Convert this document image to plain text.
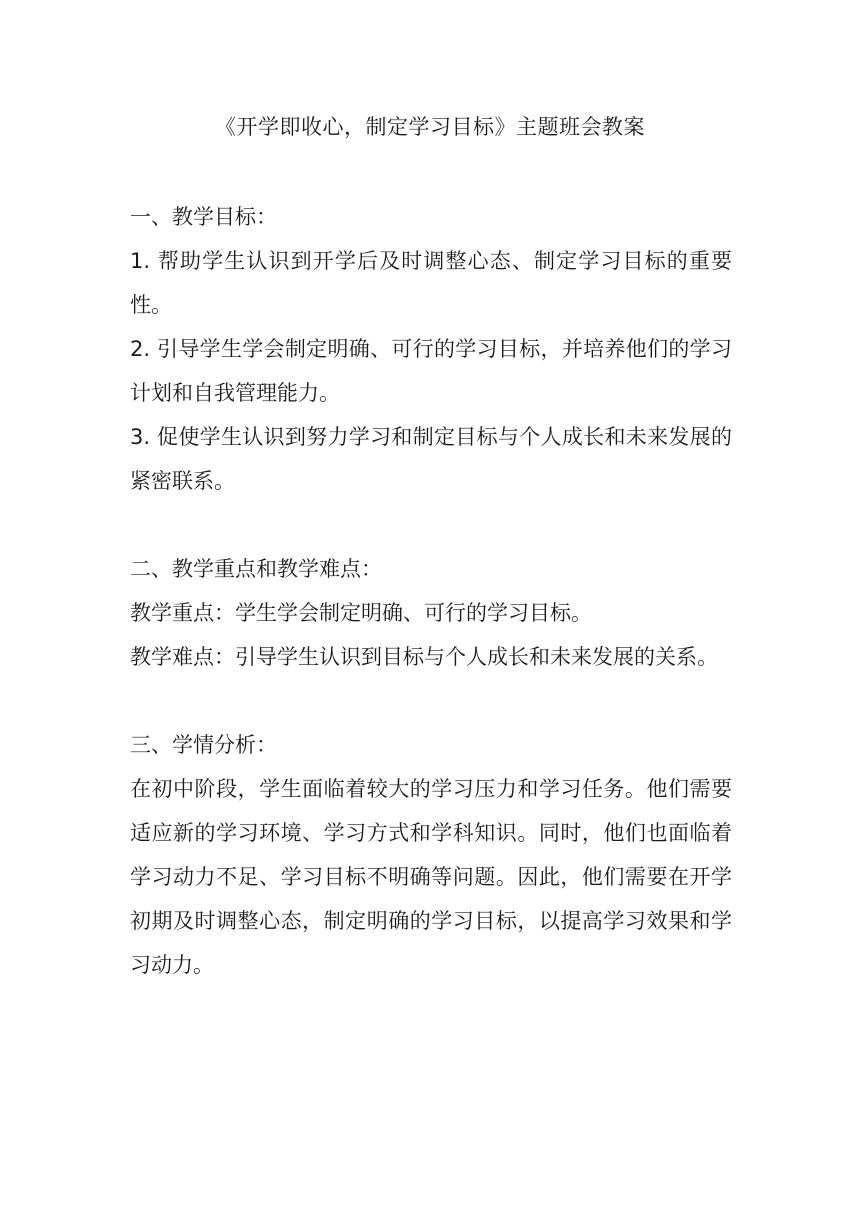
《开学即收心，制定学习目标》主题班会教案

一、教学目标：

1. 帮助学生认识到开学后及时调整心态、制定学习目标的重要性。

2. 引导学生学会制定明确、可行的学习目标，并培养他们的学习计划和自我管理能力。

3. 促使学生认识到努力学习和制定目标与个人成长和未来发展的紧密联系。

二、教学重点和教学难点：

教学重点：学生学会制定明确、可行的学习目标。

教学难点：引导学生认识到目标与个人成长和未来发展的关系。

三、学情分析：

在初中阶段，学生面临着较大的学习压力和学习任务。他们需要适应新的学习环境、学习方式和学科知识。同时，他们也面临着学习动力不足、学习目标不明确等问题。因此，他们需要在开学初期及时调整心态，制定明确的学习目标，以提高学习效果和学习动力。
